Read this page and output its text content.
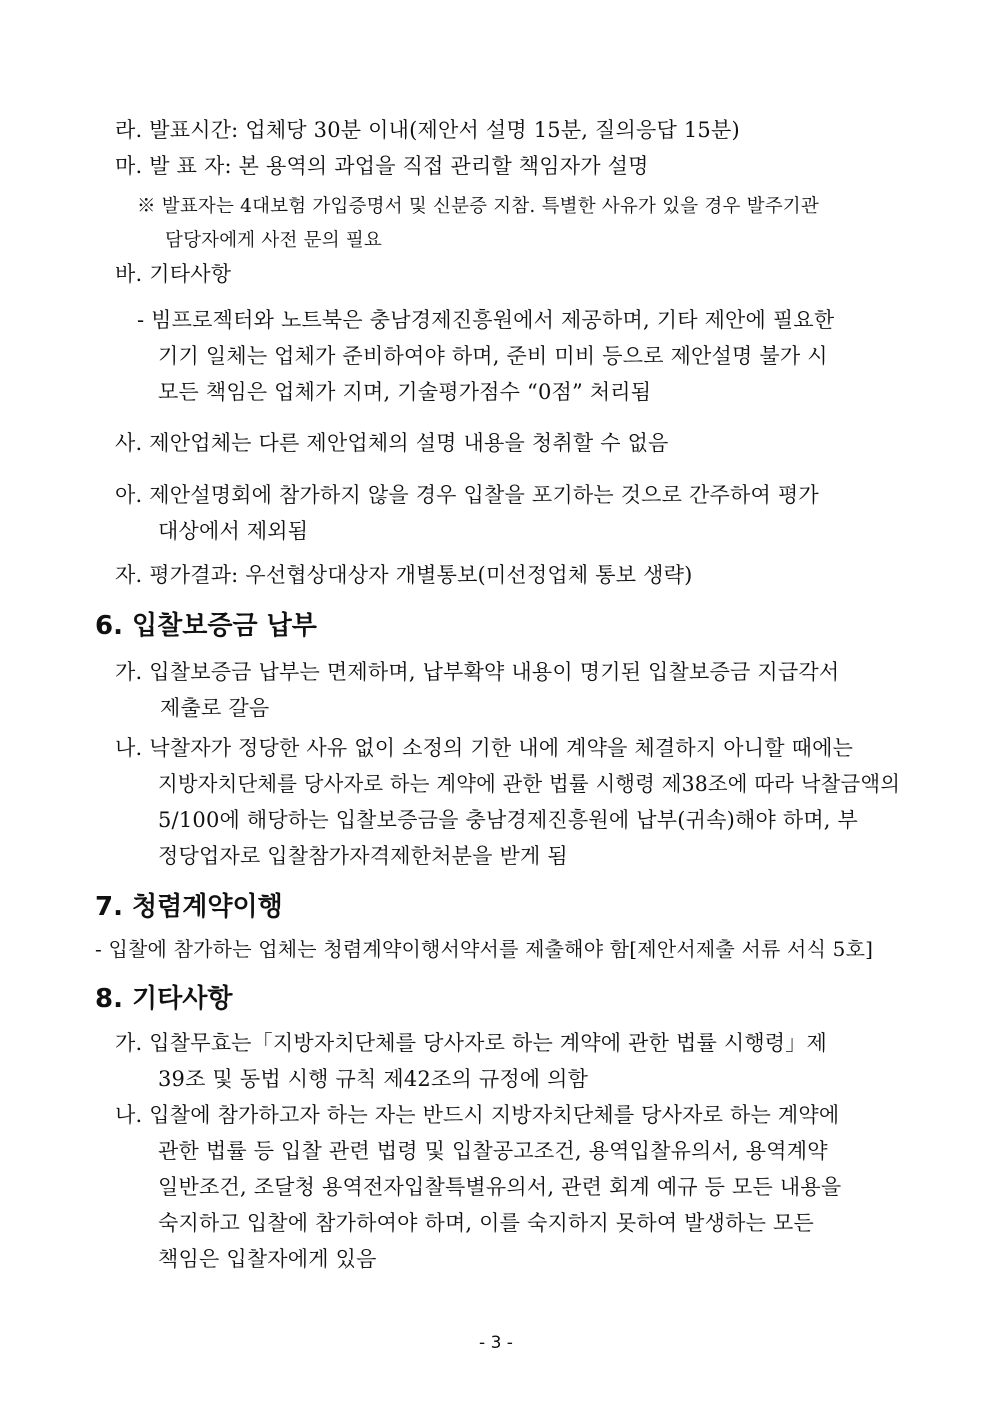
라. 발표시간: 업체당 30분 이내(제안서 설명 15분, 질의응답 15분)
마. 발 표 자: 본 용역의 과업을 직접 관리할 책임자가 설명
※ 발표자는 4대보험 가입증명서 및 신분증 지참. 특별한 사유가 있을 경우 발주기관
담당자에게 사전 문의 필요
바. 기타사항
- 빔프로젝터와 노트북은 충남경제진흥원에서 제공하며, 기타 제안에 필요한
기기 일체는 업체가 준비하여야 하며, 준비 미비 등으로 제안설명 불가 시
모든 책임은 업체가 지며, 기술평가점수 “0점” 처리됨
사. 제안업체는 다른 제안업체의 설명 내용을 청취할 수 없음
아. 제안설명회에 참가하지 않을 경우 입찰을 포기하는 것으로 간주하여 평가
대상에서 제외됨
자. 평가결과: 우선협상대상자 개별통보(미선정업체 통보 생략)
6. 입찰보증금 납부
가. 입찰보증금 납부는 면제하며, 납부확약 내용이 명기된 입찰보증금 지급각서
제출로 갈음
나. 낙찰자가 정당한 사유 없이 소정의 기한 내에 계약을 체결하지 아니할 때에는
지방자치단체를 당사자로 하는 계약에 관한 법률 시행령 제38조에 따라 낙찰금액의
5/100에 해당하는 입찰보증금을 충남경제진흥원에 납부(귀속)해야 하며, 부
정당업자로 입찰참가자격제한처분을 받게 됨
7. 청렴계약이행
- 입찰에 참가하는 업체는 청렴계약이행서약서를 제출해야 함[제안서제출 서류 서식 5호]
8. 기타사항
가. 입찰무효는「지방자치단체를 당사자로 하는 계약에 관한 법률 시행령」제
39조 및 동법 시행 규칙 제42조의 규정에 의함
나. 입찰에 참가하고자 하는 자는 반드시 지방자치단체를 당사자로 하는 계약에
관한 법률 등 입찰 관련 법령 및 입찰공고조건, 용역입찰유의서, 용역계약
일반조건, 조달청 용역전자입찰특별유의서, 관련 회계 예규 등 모든 내용을
숙지하고 입찰에 참가하여야 하며, 이를 숙지하지 못하여 발생하는 모든
책임은 입찰자에게 있음
- 3 -
